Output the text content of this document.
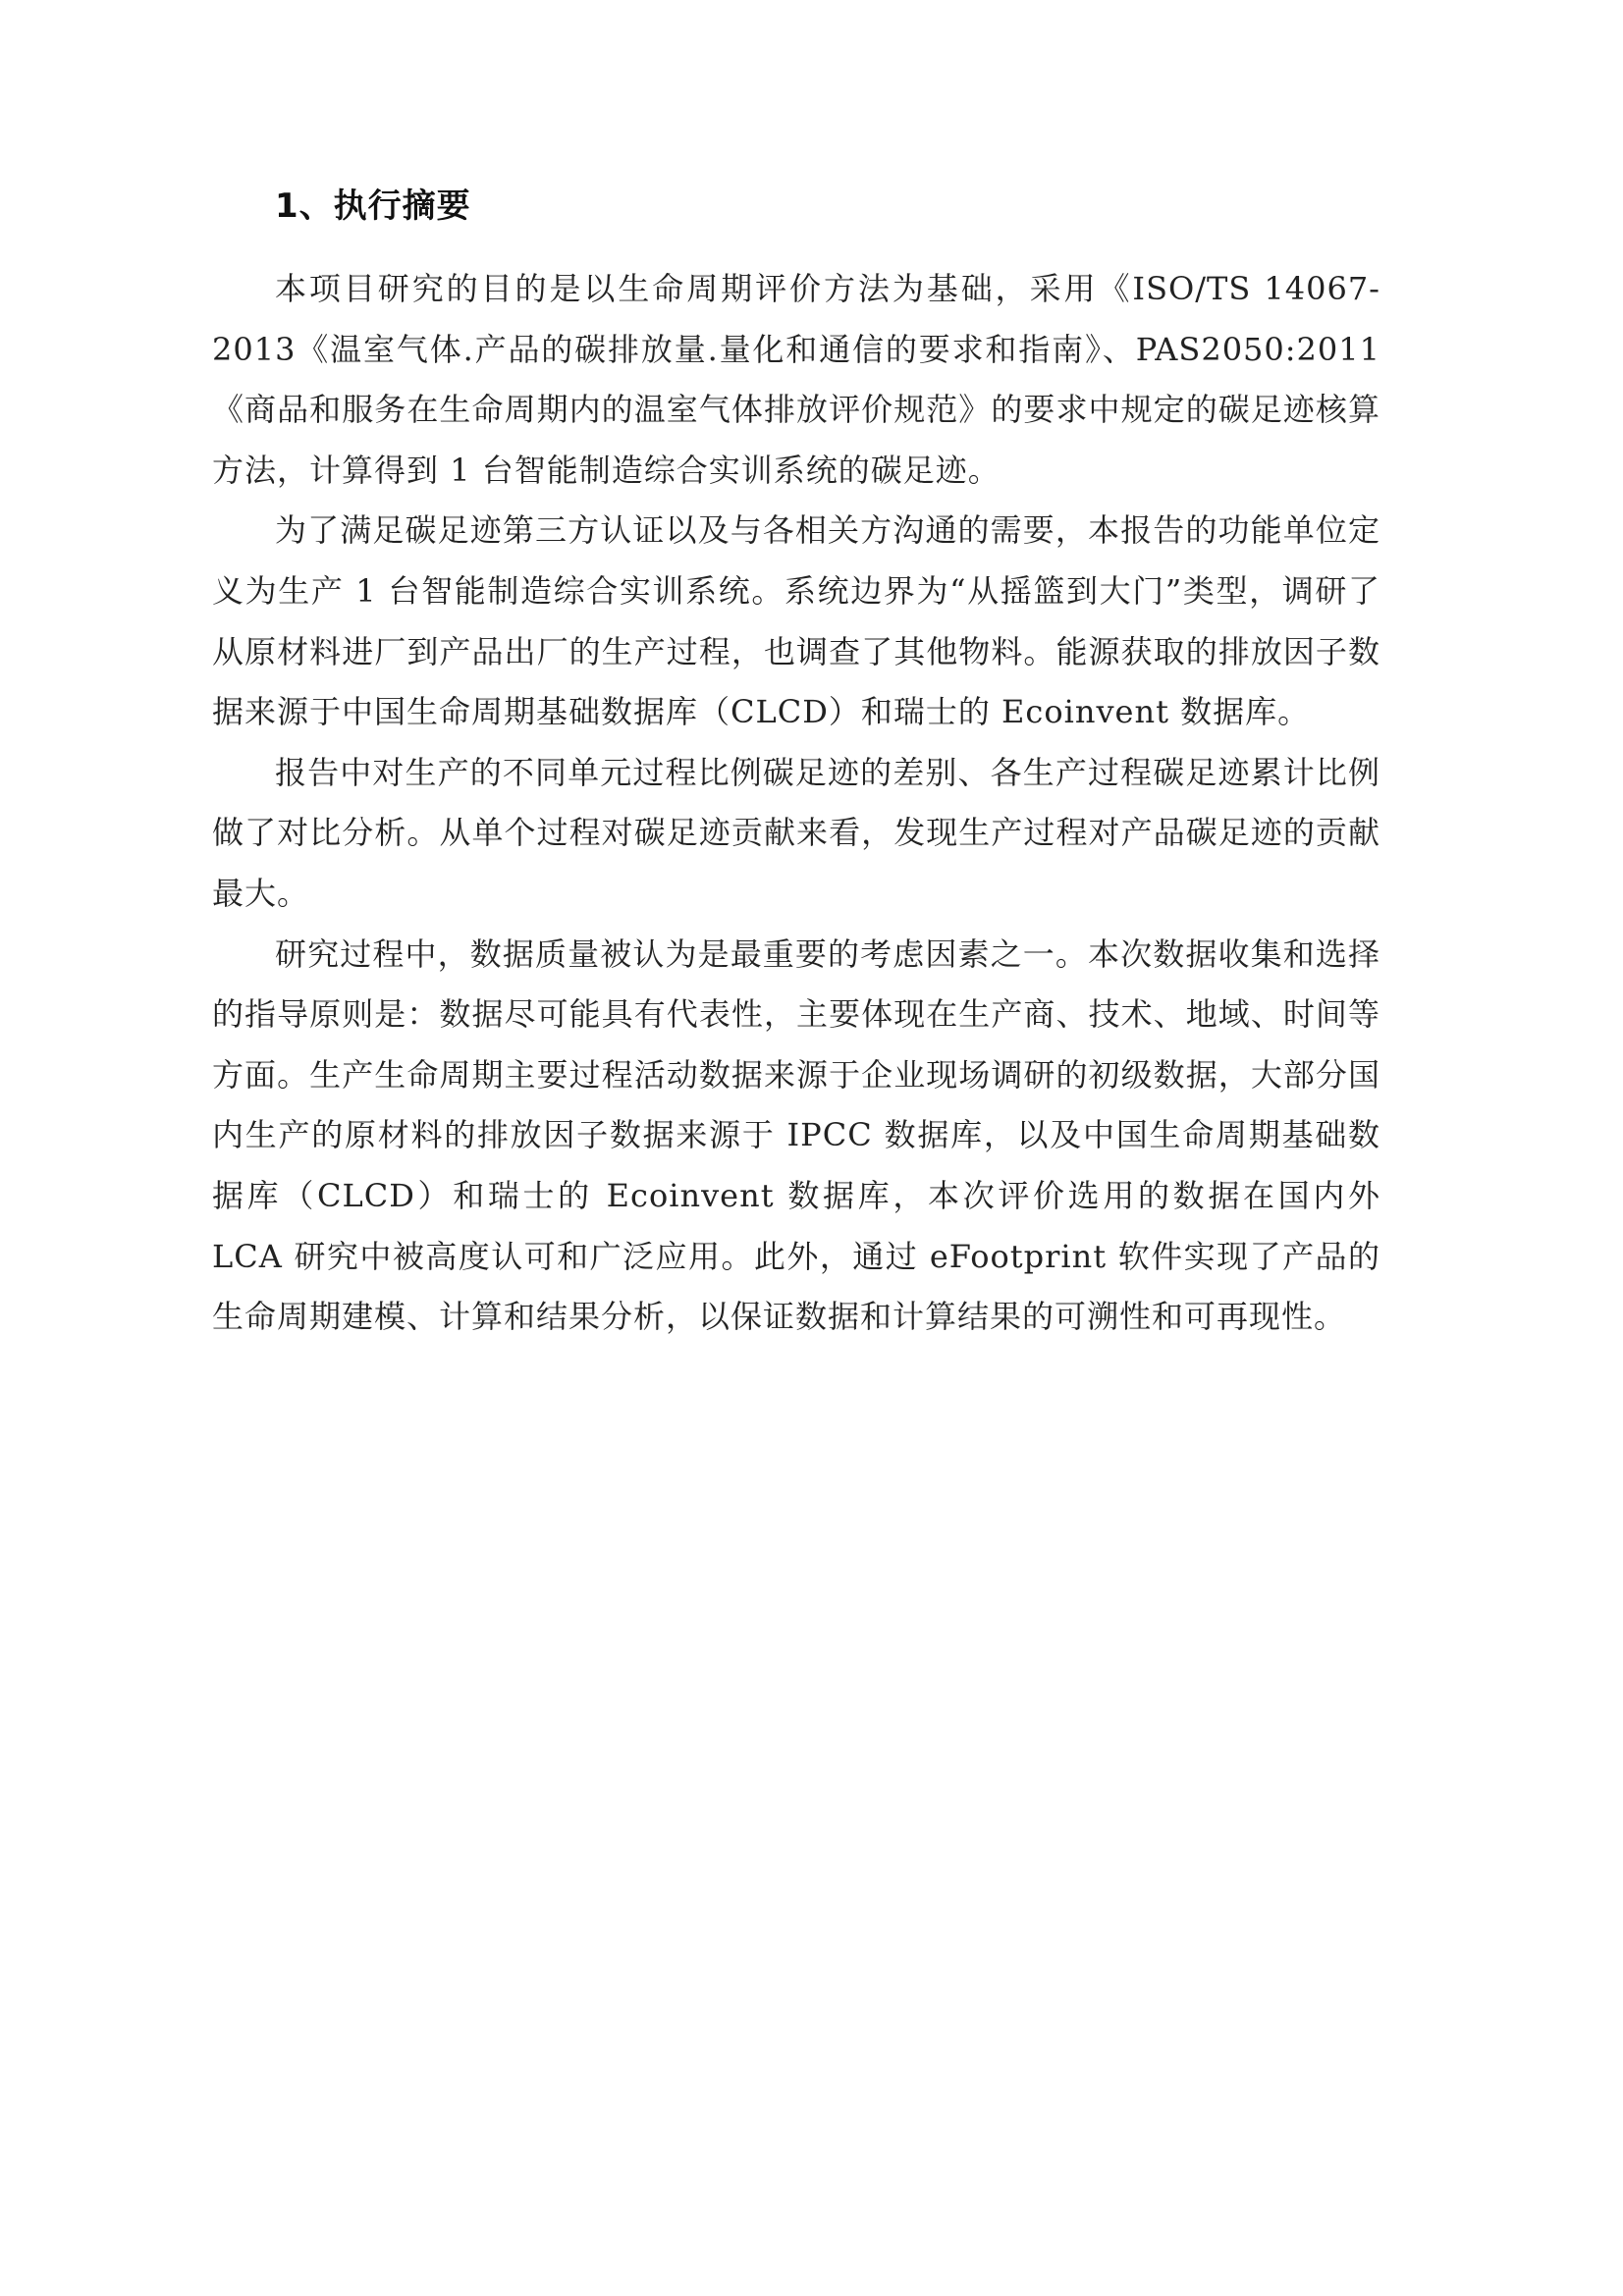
1、执行摘要

本项目研究的目的是以生命周期评价方法为基础，采用《ISO/TS 14067-2013《温室气体.产品的碳排放量.量化和通信的要求和指南》、PAS2050:2011《商品和服务在生命周期内的温室气体排放评价规范》的要求中规定的碳足迹核算方法，计算得到 1 台智能制造综合实训系统的碳足迹。

为了满足碳足迹第三方认证以及与各相关方沟通的需要，本报告的功能单位定义为生产 1 台智能制造综合实训系统。系统边界为“从摇篮到大门”类型，调研了从原材料进厂到产品出厂的生产过程，也调查了其他物料。能源获取的排放因子数据来源于中国生命周期基础数据库（CLCD）和瑞士的 Ecoinvent 数据库。

报告中对生产的不同单元过程比例碳足迹的差别、各生产过程碳足迹累计比例做了对比分析。从单个过程对碳足迹贡献来看，发现生产过程对产品碳足迹的贡献最大。

研究过程中，数据质量被认为是最重要的考虑因素之一。本次数据收集和选择的指导原则是：数据尽可能具有代表性，主要体现在生产商、技术、地域、时间等方面。生产生命周期主要过程活动数据来源于企业现场调研的初级数据，大部分国内生产的原材料的排放因子数据来源于 IPCC 数据库，以及中国生命周期基础数据库（CLCD）和瑞士的 Ecoinvent 数据库，本次评价选用的数据在国内外 LCA 研究中被高度认可和广泛应用。此外，通过 eFootprint 软件实现了产品的生命周期建模、计算和结果分析，以保证数据和计算结果的可溯性和可再现性。
